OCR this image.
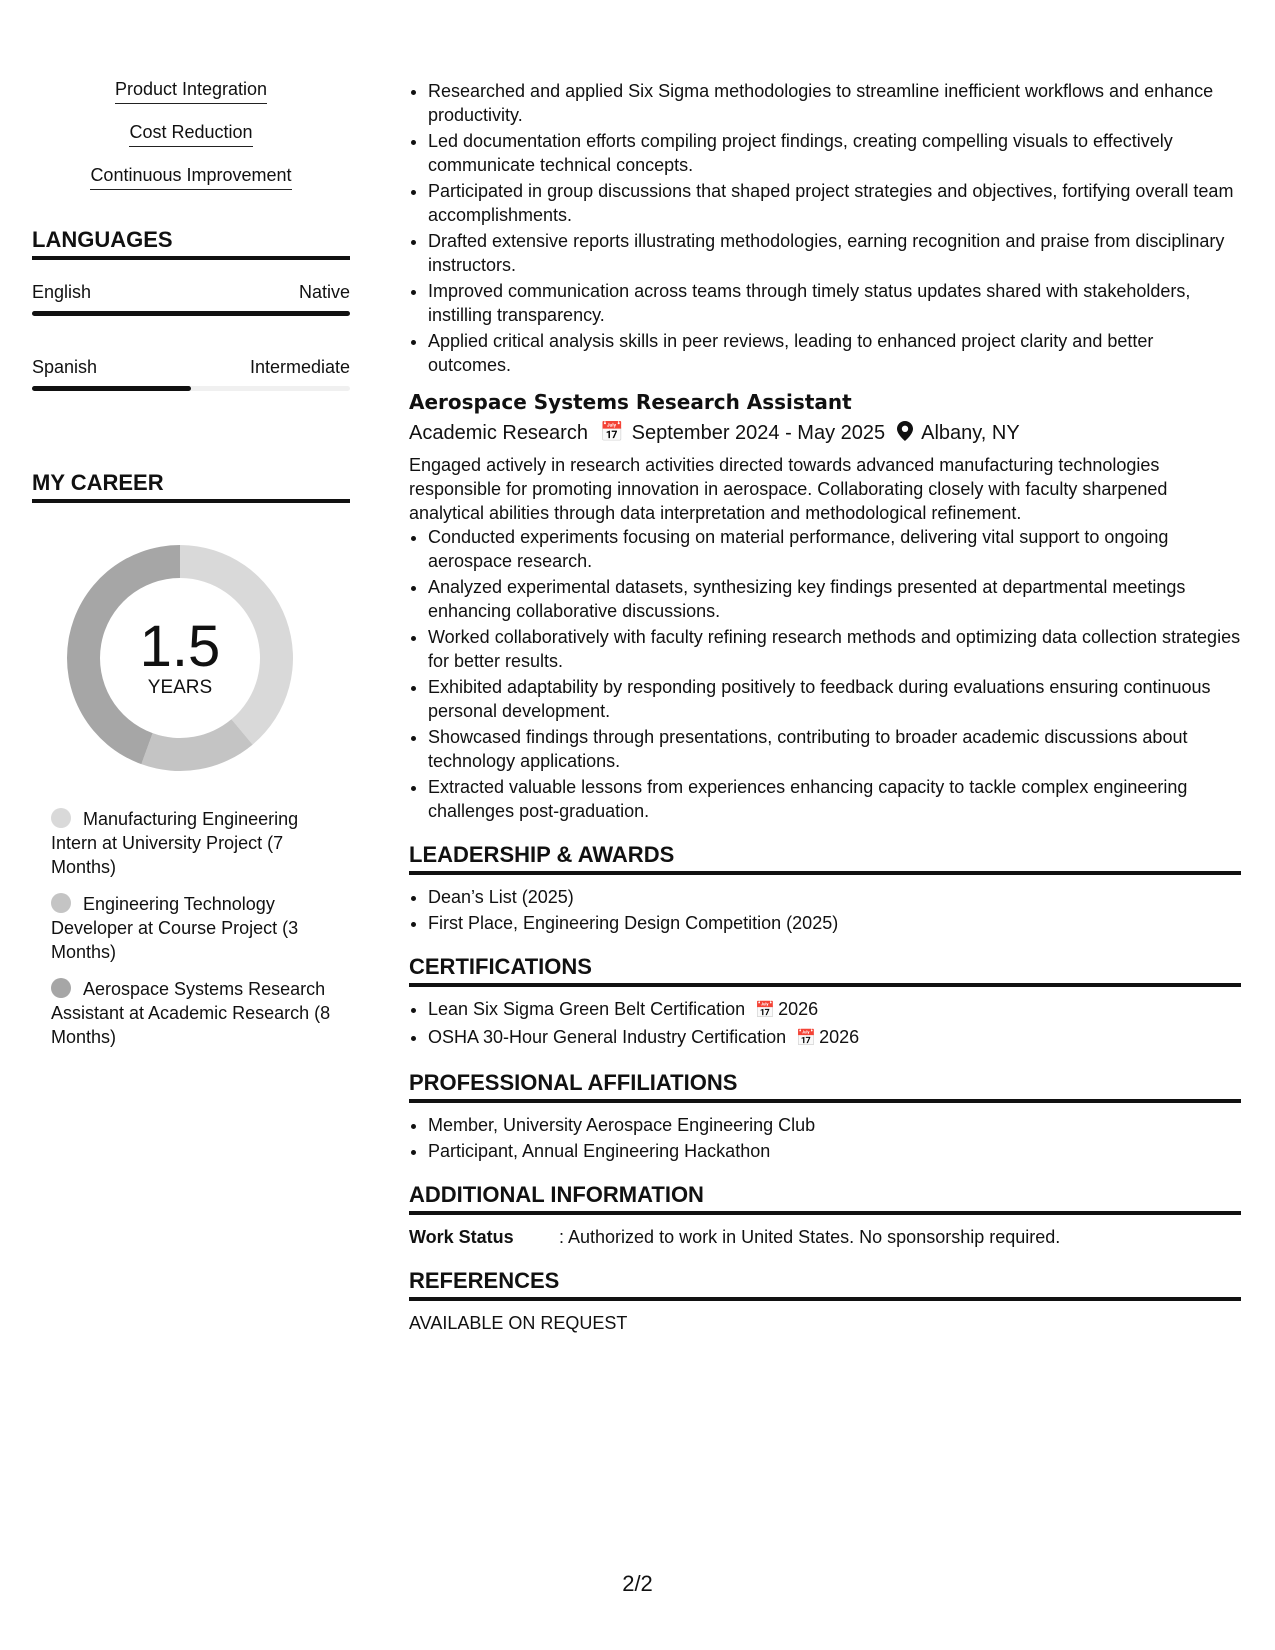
Product Integration
Cost Reduction
Continuous Improvement
LANGUAGES
English	Native
Spanish	Intermediate
MY CAREER
1.5
YEARS
Manufacturing Engineering Intern at University Project (7 Months)
Engineering Technology Developer at Course Project (3 Months)
Aerospace Systems Research Assistant at Academic Research (8 Months)
• Researched and applied Six Sigma methodologies to streamline inefficient workflows and enhance productivity.
• Led documentation efforts compiling project findings, creating compelling visuals to effectively communicate technical concepts.
• Participated in group discussions that shaped project strategies and objectives, fortifying overall team accomplishments.
• Drafted extensive reports illustrating methodologies, earning recognition and praise from disciplinary instructors.
• Improved communication across teams through timely status updates shared with stakeholders, instilling transparency.
• Applied critical analysis skills in peer reviews, leading to enhanced project clarity and better outcomes.
Aerospace Systems Research Assistant
Academic Research 📅 September 2024 - May 2025 Albany, NY
Engaged actively in research activities directed towards advanced manufacturing technologies responsible for promoting innovation in aerospace. Collaborating closely with faculty sharpened analytical abilities through data interpretation and methodological refinement.
• Conducted experiments focusing on material performance, delivering vital support to ongoing aerospace research.
• Analyzed experimental datasets, synthesizing key findings presented at departmental meetings enhancing collaborative discussions.
• Worked collaboratively with faculty refining research methods and optimizing data collection strategies for better results.
• Exhibited adaptability by responding positively to feedback during evaluations ensuring continuous personal development.
• Showcased findings through presentations, contributing to broader academic discussions about technology applications.
• Extracted valuable lessons from experiences enhancing capacity to tackle complex engineering challenges post-graduation.
LEADERSHIP & AWARDS
• Dean’s List (2025)
• First Place, Engineering Design Competition (2025)
CERTIFICATIONS
• Lean Six Sigma Green Belt Certification 📅 2026
• OSHA 30-Hour General Industry Certification 📅 2026
PROFESSIONAL AFFILIATIONS
• Member, University Aerospace Engineering Club
• Participant, Annual Engineering Hackathon
ADDITIONAL INFORMATION
Work Status	: Authorized to work in United States. No sponsorship required.
REFERENCES
AVAILABLE ON REQUEST
2/2
